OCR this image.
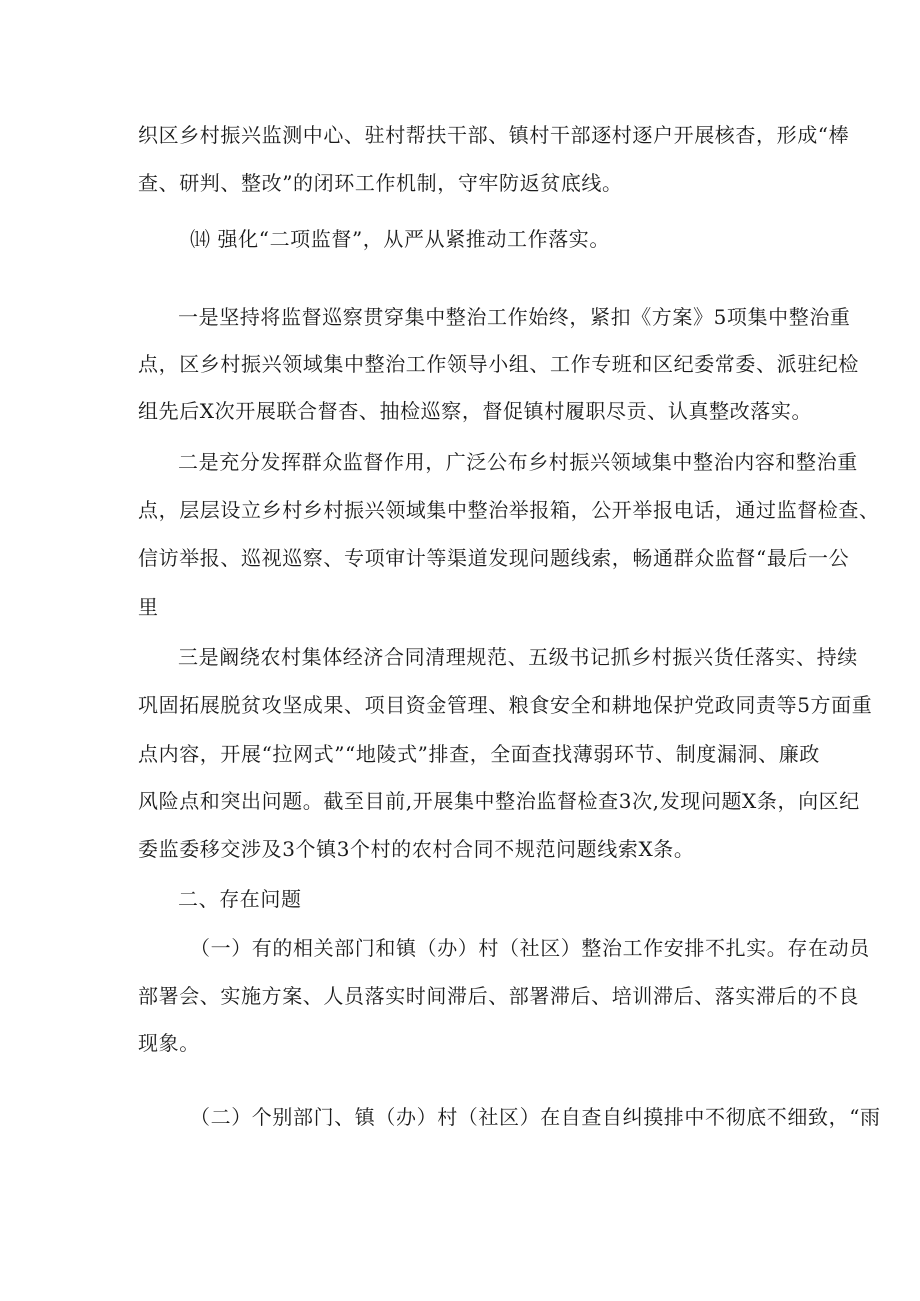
织区乡村振兴监测中心、驻村帮扶干部、镇村干部逐村逐户开展核杳，形成“棒
查、研判、整改”的闭环工作机制，守牢防返贫底线。
⒁ 强化“二项监督”，从严从紧推动工作落实。
一是坚持将监督巡察贯穿集中整治工作始终，紧扣《方案》5项集中整治重
点，区乡村振兴领域集中整治工作领导小组、工作专班和区纪委常委、派驻纪检
组先后X次开展联合督杳、抽检巡察，督促镇村履职尽贡、认真整改落实。
二是充分发挥群众监督作用，广泛公布乡村振兴领域集中整治内容和整治重
点，层层设立乡村乡村振兴领域集中整治举报箱，公开举报电话，通过监督检查、
信访举报、巡视巡察、专项审计等渠道发现问题线索，畅通群众监督“最后一公
里
三是阚绕农村集体经济合同清理规范、五级书记抓乡村振兴货任落实、持续
巩固拓展脱贫攻坚成果、项目资金管理、粮食安全和耕地保护党政同责等5方面重
点内容，开展“拉网式”“地陵式”排查，全面查找薄弱环节、制度漏洞、廉政
风险点和突出问题。截至目前,开展集中整治监督检查3次,发现问题X条，向区纪
委监委移交涉及3个镇3个村的农村合同不规范问题线索X条。
二、存在问题
（一）有的相关部门和镇（办）村（社区）整治工作安排不扎实。存在动员
部署会、实施方案、人员落实时间滞后、部署滞后、培训滞后、落实滞后的不良
现象。
（二）个别部门、镇（办）村（社区）在自查自纠摸排中不彻底不细致，“雨
